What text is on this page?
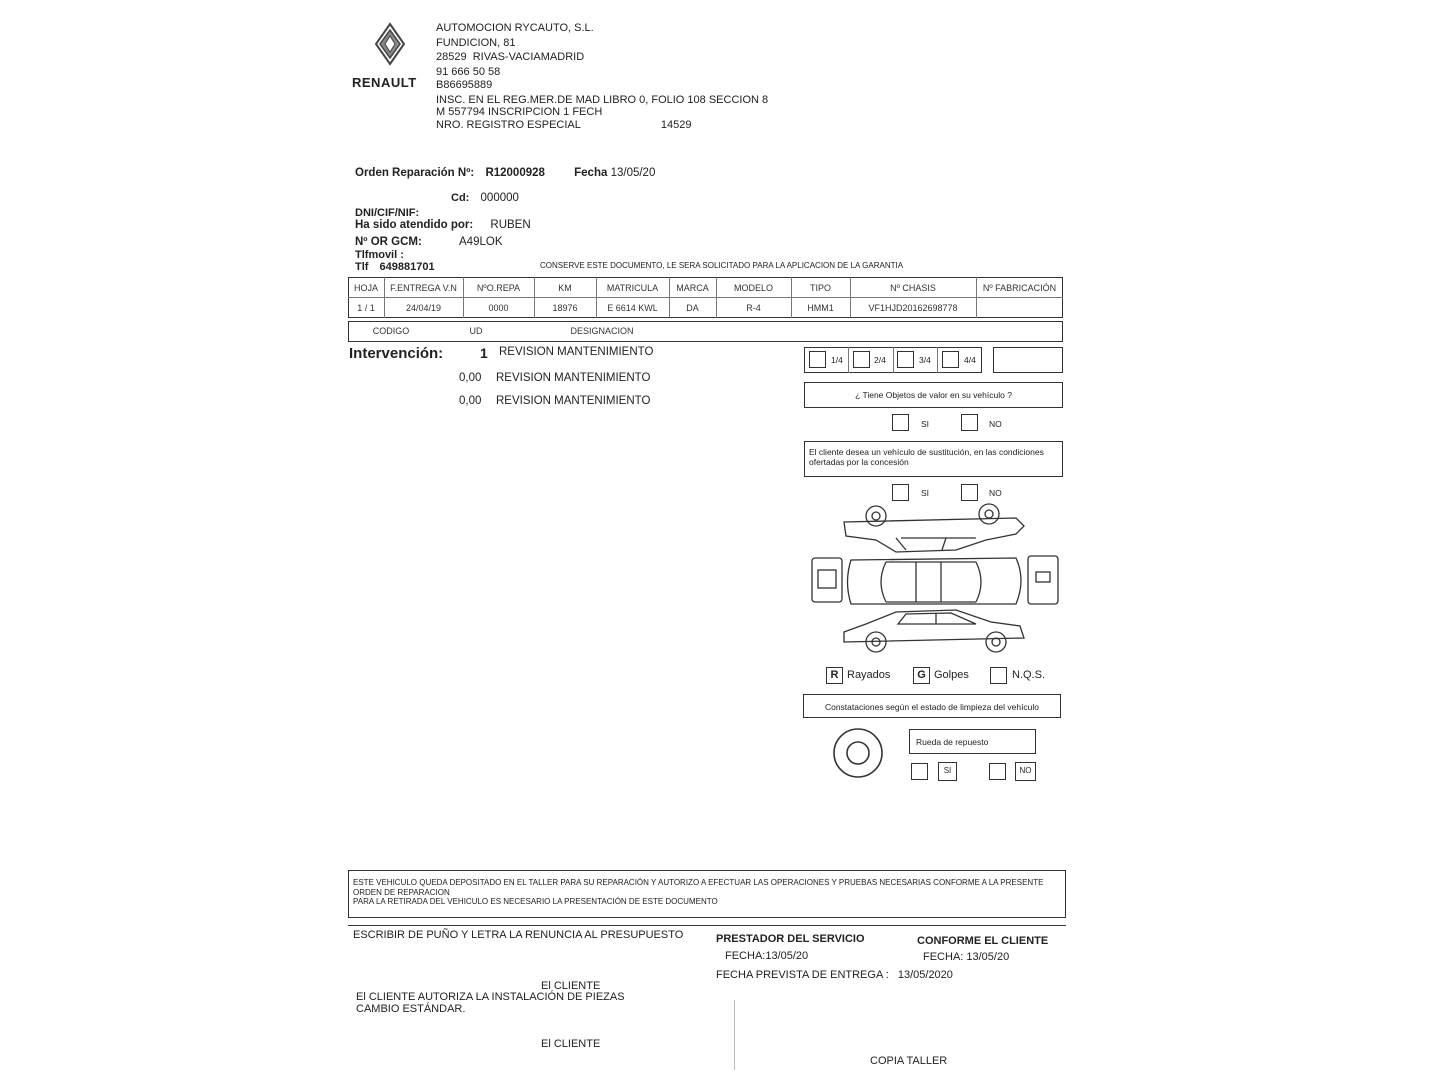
RENAULT
AUTOMOCION RYCAUTO, S.L.
FUNDICION, 81
28529 RIVAS-VACIAMADRID
91 666 50 58
B86695889
INSC. EN EL REG.MER.DE MAD LIBRO 0, FOLIO 108 SECCION 8
M 557794 INSCRIPCION 1 FECH
NRO. REGISTRO ESPECIAL	14529
Orden Reparación Nº: R12000928	Fecha 13/05/20
Cd: 000000
DNI/CIF/NIF:
Ha sido atendido por: RUBEN
Nº OR GCM:	A49LOK
Tlfmovil :
Tlf 649881701	CONSERVE ESTE DOCUMENTO, LE SERA SOLICITADO PARA LA APLICACION DE LA GARANTIA
HOJA	F.ENTREGA V.N	NºO.REPA	KM	MATRICULA	MARCA	MODELO	TIPO	Nº CHASIS	Nº FABRICACIÓN
1 / 1	24/04/19	0000	18976	E 6614 KWL	DA	R-4	HMM1	VF1HJD20162698778
CODIGO	UD	DESIGNACION
Intervención:	1 REVISION MANTENIMIENTO
0,00 REVISION MANTENIMIENTO
0,00 REVISION MANTENIMIENTO
1/4	2/4	3/4	4/4
¿ Tiene Objetos de valor en su vehículo ?
SI	NO
El cliente desea un vehículo de sustitución, en las condiciones ofertadas por la concesión
SI	NO
R Rayados	G Golpes	N.Q.S.
Constataciones según el estado de limpieza del vehículo
Rueda de repuesto
SI	NO
ESTE VEHICULO QUEDA DEPOSITADO EN EL TALLER PARA SU REPARACIÓN Y AUTORIZO A EFECTUAR LAS OPERACIONES Y PRUEBAS NECESARIAS CONFORME A LA PRESENTE ORDEN DE REPARACION
PARA LA RETIRADA DEL VEHICULO ES NECESARIO LA PRESENTACIÓN DE ESTE DOCUMENTO
ESCRIBIR DE PUÑO Y LETRA LA RENUNCIA AL PRESUPUESTO
El CLIENTE
El CLIENTE AUTORIZA LA INSTALACIÓN DE PIEZAS
CAMBIO ESTÁNDAR.
El CLIENTE
PRESTADOR DEL SERVICIO
FECHA:13/05/20
CONFORME EL CLIENTE
FECHA: 13/05/20
FECHA PREVISTA DE ENTREGA : 13/05/2020
COPIA TALLER
